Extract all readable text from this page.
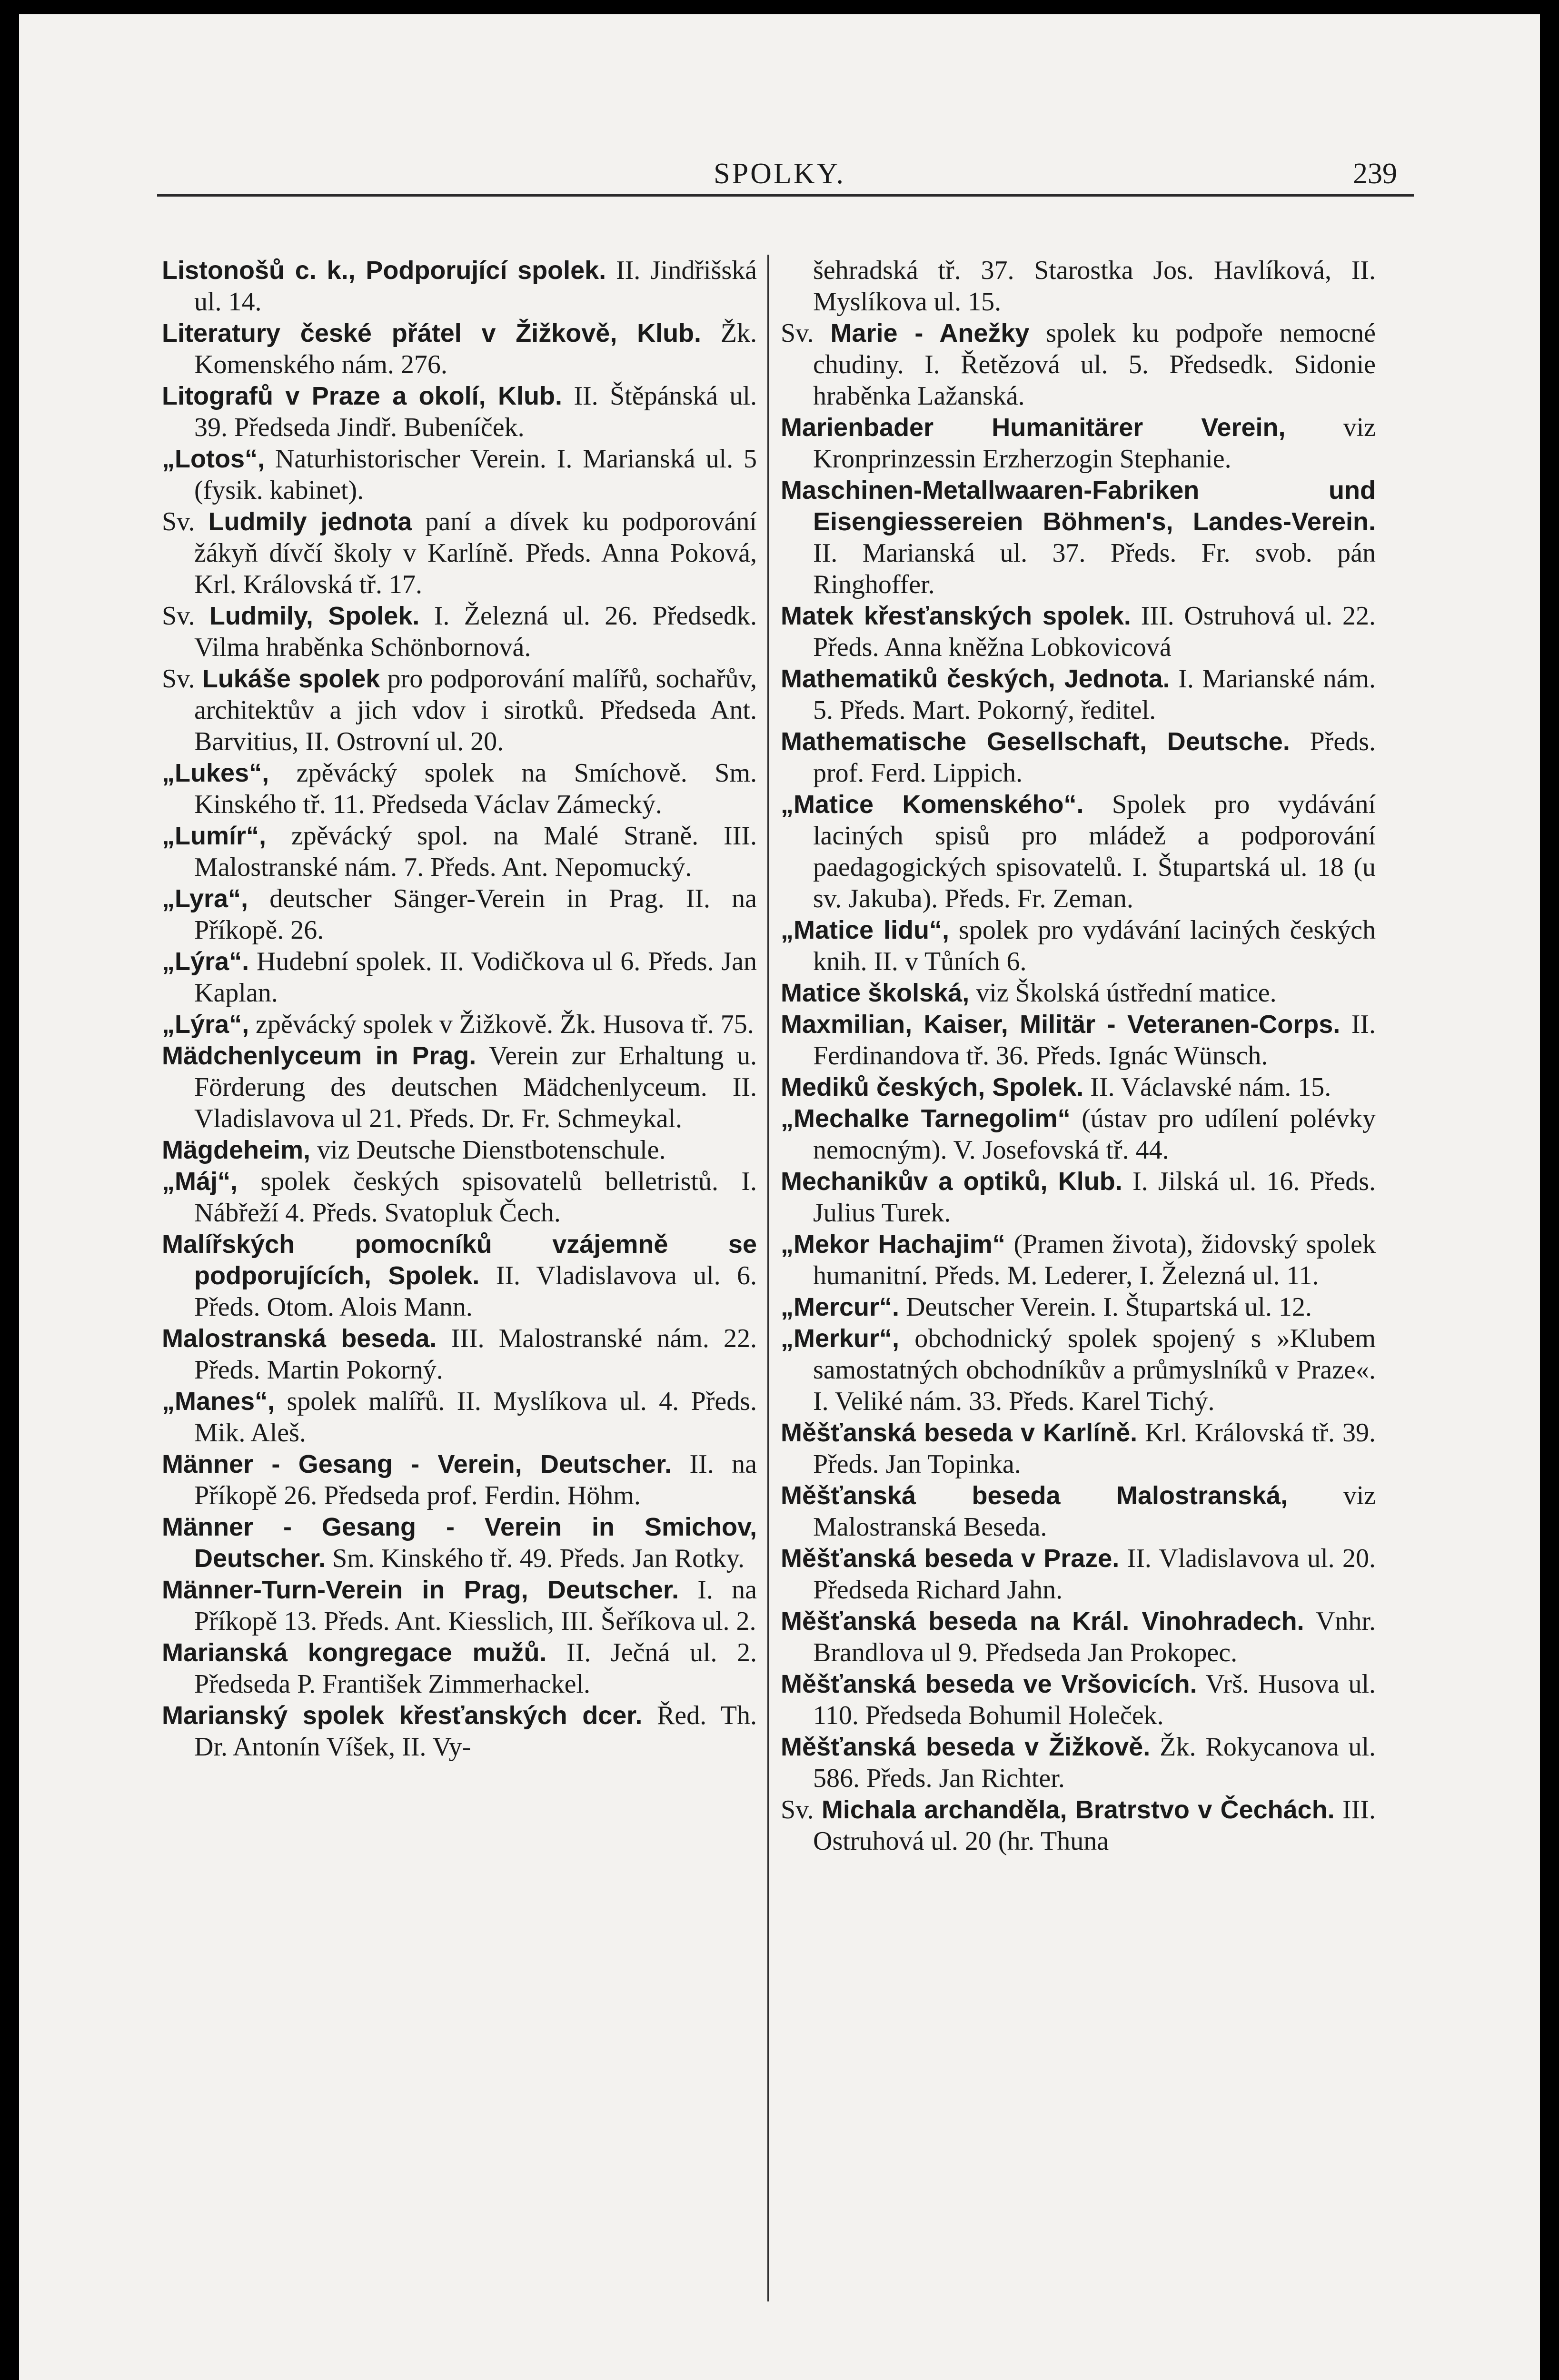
SPOLKY.	239
Listonošů c. k., Podporující spolek. II. Jindřišská ul. 14.
Literatury české přátel v Žižkově, Klub. Žk. Komenského nám. 276.
Litografů v Praze a okolí, Klub. II. Štěpánská ul. 39. Předseda Jindř. Bubeníček.
„Lotos“, Naturhistorischer Verein. I. Marianská ul. 5 (fysik. kabinet).
Sv. Ludmily jednota paní a dívek ku podporování žákyň dívčí školy v Karlíně. Předs. Anna Poková, Krl. Královská tř. 17.
Sv. Ludmily, Spolek. I. Železná ul. 26. Předsedk. Vilma hraběnka Schönbornová.
Sv. Lukáše spolek pro podporování malířů, sochařův, architektův a jich vdov i sirotků. Předseda Ant. Barvitius, II. Ostrovní ul. 20.
„Lukes“, zpěvácký spolek na Smíchově. Sm. Kinského tř. 11. Předseda Václav Zámecký.
„Lumír“, zpěvácký spol. na Malé Straně. III. Malostranské nám. 7. Předs. Ant. Nepomucký.
„Lyra“, deutscher Sänger-Verein in Prag. II. na Příkopě. 26.
„Lýra“. Hudební spolek. II. Vodičkova ul 6. Předs. Jan Kaplan.
„Lýra“, zpěvácký spolek v Žižkově. Žk. Husova tř. 75.
Mädchenlyceum in Prag. Verein zur Erhaltung u. Förderung des deutschen Mädchenlyceum. II. Vladislavova ul 21. Předs. Dr. Fr. Schmeykal.
Mägdeheim, viz Deutsche Dienstbotenschule.
„Máj“, spolek českých spisovatelů belletristů. I. Nábřeží 4. Předs. Svatopluk Čech.
Malířských pomocníků vzájemně se podporujících, Spolek. II. Vladislavova ul. 6. Předs. Otom. Alois Mann.
Malostranská beseda. III. Malostranské nám. 22. Předs. Martin Pokorný.
„Manes“, spolek malířů. II. Myslíkova ul. 4. Předs. Mik. Aleš.
Männer - Gesang - Verein, Deutscher. II. na Příkopě 26. Předseda prof. Ferdin. Höhm.
Männer - Gesang - Verein in Smichov, Deutscher. Sm. Kinského tř. 49. Předs. Jan Rotky.
Männer-Turn-Verein in Prag, Deutscher. I. na Příkopě 13. Předs. Ant. Kiesslich, III. Šeříkova ul. 2.
Marianská kongregace mužů. II. Ječná ul. 2. Předseda P. František Zimmerhackel.
Marianský spolek křesťanských dcer. Řed. Th. Dr. Antonín Víšek, II. Vy-
šehradská tř. 37. Starostka Jos. Havlíková, II. Myslíkova ul. 15.
Sv. Marie - Anežky spolek ku podpoře nemocné chudiny. I. Řetězová ul. 5. Předsedk. Sidonie hraběnka Lažanská.
Marienbader Humanitärer Verein, viz Kronprinzessin Erzherzogin Stephanie.
Maschinen-Metallwaaren-Fabriken und Eisengiessereien Böhmen's, Landes-Verein. II. Marianská ul. 37. Předs. Fr. svob. pán Ringhoffer.
Matek křesťanských spolek. III. Ostruhová ul. 22. Předs. Anna kněžna Lobkovicová
Mathematiků českých, Jednota. I. Marianské nám. 5. Předs. Mart. Pokorný, ředitel.
Mathematische Gesellschaft, Deutsche. Předs. prof. Ferd. Lippich.
„Matice Komenského“. Spolek pro vydávání laciných spisů pro mládež a podporování paedagogických spisovatelů. I. Štupartská ul. 18 (u sv. Jakuba). Předs. Fr. Zeman.
„Matice lidu“, spolek pro vydávání laciných českých knih. II. v Tůních 6.
Matice školská, viz Školská ústřední matice.
Maxmilian, Kaiser, Militär - Veteranen-Corps. II. Ferdinandova tř. 36. Předs. Ignác Wünsch.
Mediků českých, Spolek. II. Václavské nám. 15.
„Mechalke Tarnegolim“ (ústav pro udílení polévky nemocným). V. Josefovská tř. 44.
Mechanikův a optiků, Klub. I. Jilská ul. 16. Předs. Julius Turek.
„Mekor Hachajim“ (Pramen života), židovský spolek humanitní. Předs. M. Lederer, I. Železná ul. 11.
„Mercur“. Deutscher Verein. I. Štupartská ul. 12.
„Merkur“, obchodnický spolek spojený s »Klubem samostatných obchodníkův a průmyslníků v Praze«. I. Veliké nám. 33. Předs. Karel Tichý.
Měšťanská beseda v Karlíně. Krl. Královská tř. 39. Předs. Jan Topinka.
Měšťanská beseda Malostranská, viz Malostranská Beseda.
Měšťanská beseda v Praze. II. Vladislavova ul. 20. Předseda Richard Jahn.
Měšťanská beseda na Král. Vinohradech. Vnhr. Brandlova ul 9. Předseda Jan Prokopec.
Měšťanská beseda ve Vršovicích. Vrš. Husova ul. 110. Předseda Bohumil Holeček.
Měšťanská beseda v Žižkově. Žk. Rokycanova ul. 586. Předs. Jan Richter.
Sv. Michala archanděla, Bratrstvo v Čechách. III. Ostruhová ul. 20 (hr. Thuna
